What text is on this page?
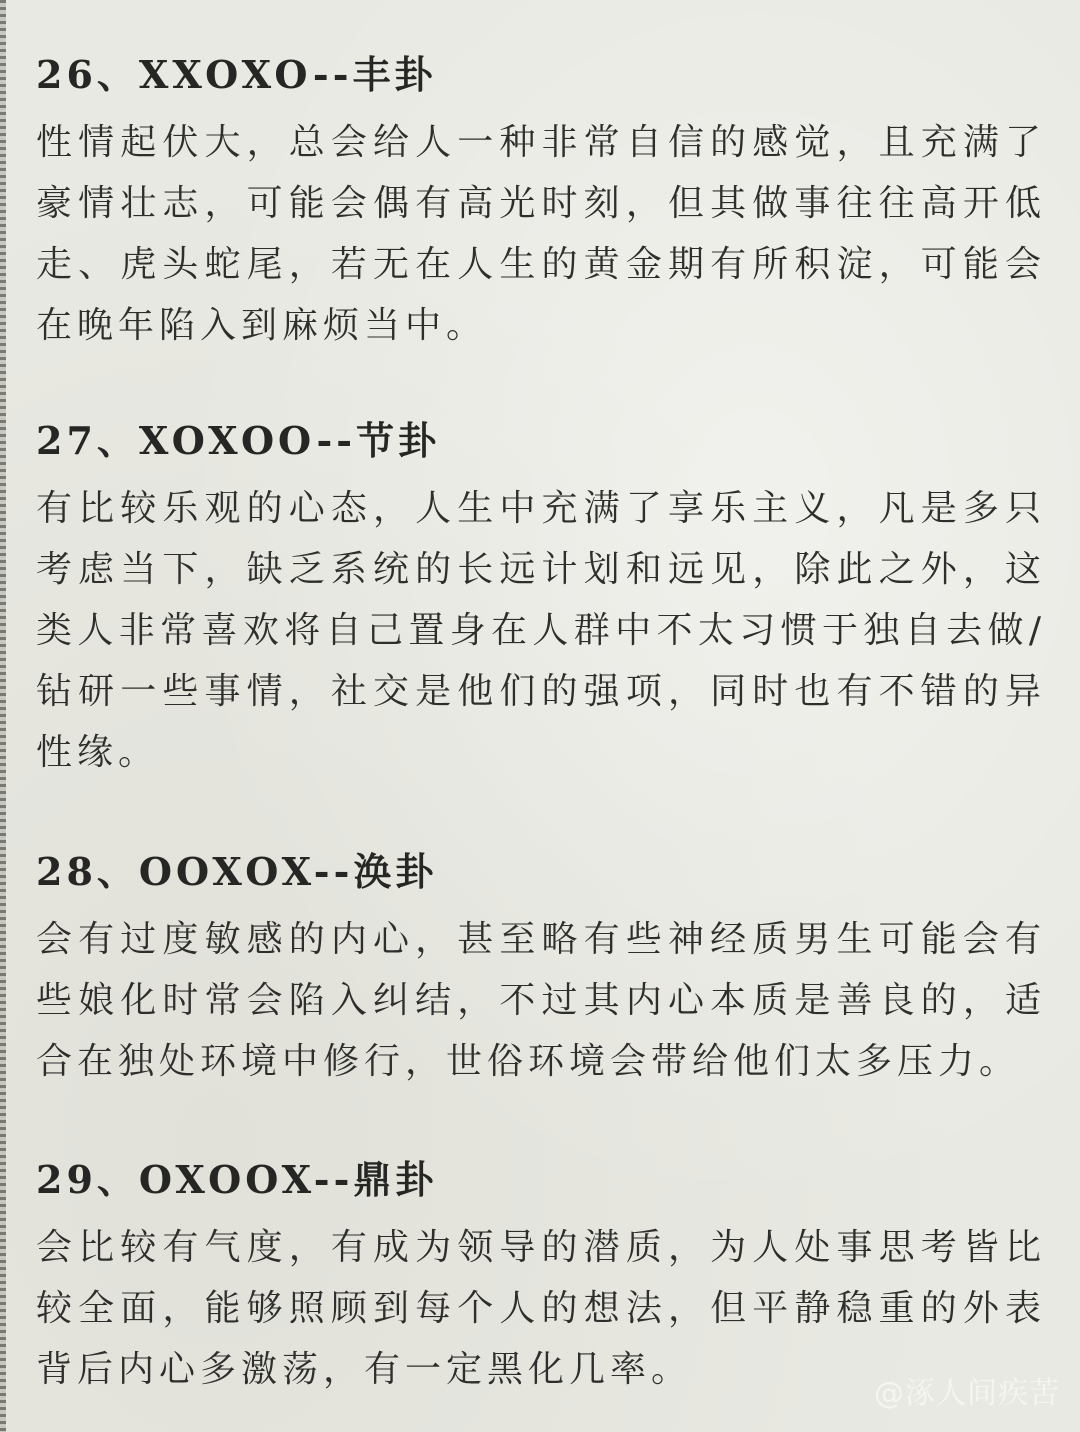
26、XXOXO--丰卦
性情起伏大，总会给人一种非常自信的感觉，且充满了豪情壮志，可能会偶有高光时刻，但其做事往往高开低走、虎头蛇尾，若无在人生的黄金期有所积淀，可能会在晚年陷入到麻烦当中。
27、XOXOO--节卦
有比较乐观的心态，人生中充满了享乐主义，凡是多只考虑当下，缺乏系统的长远计划和远见，除此之外，这类人非常喜欢将自己置身在人群中不太习惯于独自去做/钻研一些事情，社交是他们的强项，同时也有不错的异性缘。
28、OOXOX--涣卦
会有过度敏感的内心，甚至略有些神经质男生可能会有些娘化时常会陷入纠结，不过其内心本质是善良的，适合在独处环境中修行，世俗环境会带给他们太多压力。
29、OXOOX--鼎卦
会比较有气度，有成为领导的潜质，为人处事思考皆比较全面，能够照顾到每个人的想法，但平静稳重的外表背后内心多激荡，有一定黑化几率。
@涿人间疾苦
